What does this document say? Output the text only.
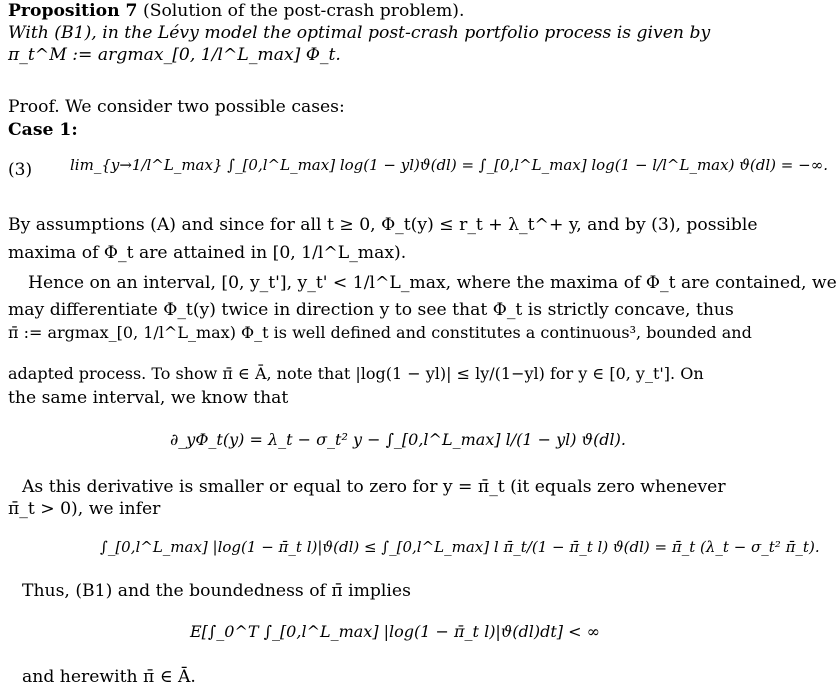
Proposition 7 (Solution of the post-crash problem).
With (B1), in the Lévy model the optimal post-crash portfolio process is given by
π_t^M := argmax_[0, 1/l^L_max] Φ_t.
Proof. We consider two possible cases:
Case 1:
(3)	lim_{y→1/l^L_max} ∫_[0,l^L_max] log(1 − yl)ϑ(dl) = ∫_[0,l^L_max] log(1 − l/l^L_max) ϑ(dl) = −∞.
By assumptions (A) and since for all t ≥ 0, Φ_t(y) ≤ r_t + λ_t^+ y, and by (3), possible
maxima of Φ_t are attained in [0, 1/l^L_max).
Hence on an interval, [0, y_t'], y_t' < 1/l^L_max, where the maxima of Φ_t are contained, we
may differentiate Φ_t(y) twice in direction y to see that Φ_t is strictly concave, thus
π̄ := argmax_[0, 1/l^L_max) Φ_t is well defined and constitutes a continuous³, bounded and
adapted process. To show π̄ ∈ Ā, note that |log(1 − yl)| ≤ ly/(1−yl) for y ∈ [0, y_t']. On
the same interval, we know that
∂_yΦ_t(y) = λ_t − σ_t² y − ∫_[0,l^L_max] l/(1 − yl) ϑ(dl).
As this derivative is smaller or equal to zero for y = π̄_t (it equals zero whenever
π̄_t > 0), we infer
∫_[0,l^L_max] |log(1 − π̄_t l)|ϑ(dl) ≤ ∫_[0,l^L_max] l π̄_t/(1 − π̄_t l) ϑ(dl) = π̄_t (λ_t − σ_t² π̄_t).
Thus, (B1) and the boundedness of π̄ implies
E[∫_0^T ∫_[0,l^L_max] |log(1 − π̄_t l)|ϑ(dl)dt] < ∞
and herewith π̄ ∈ Ā.
